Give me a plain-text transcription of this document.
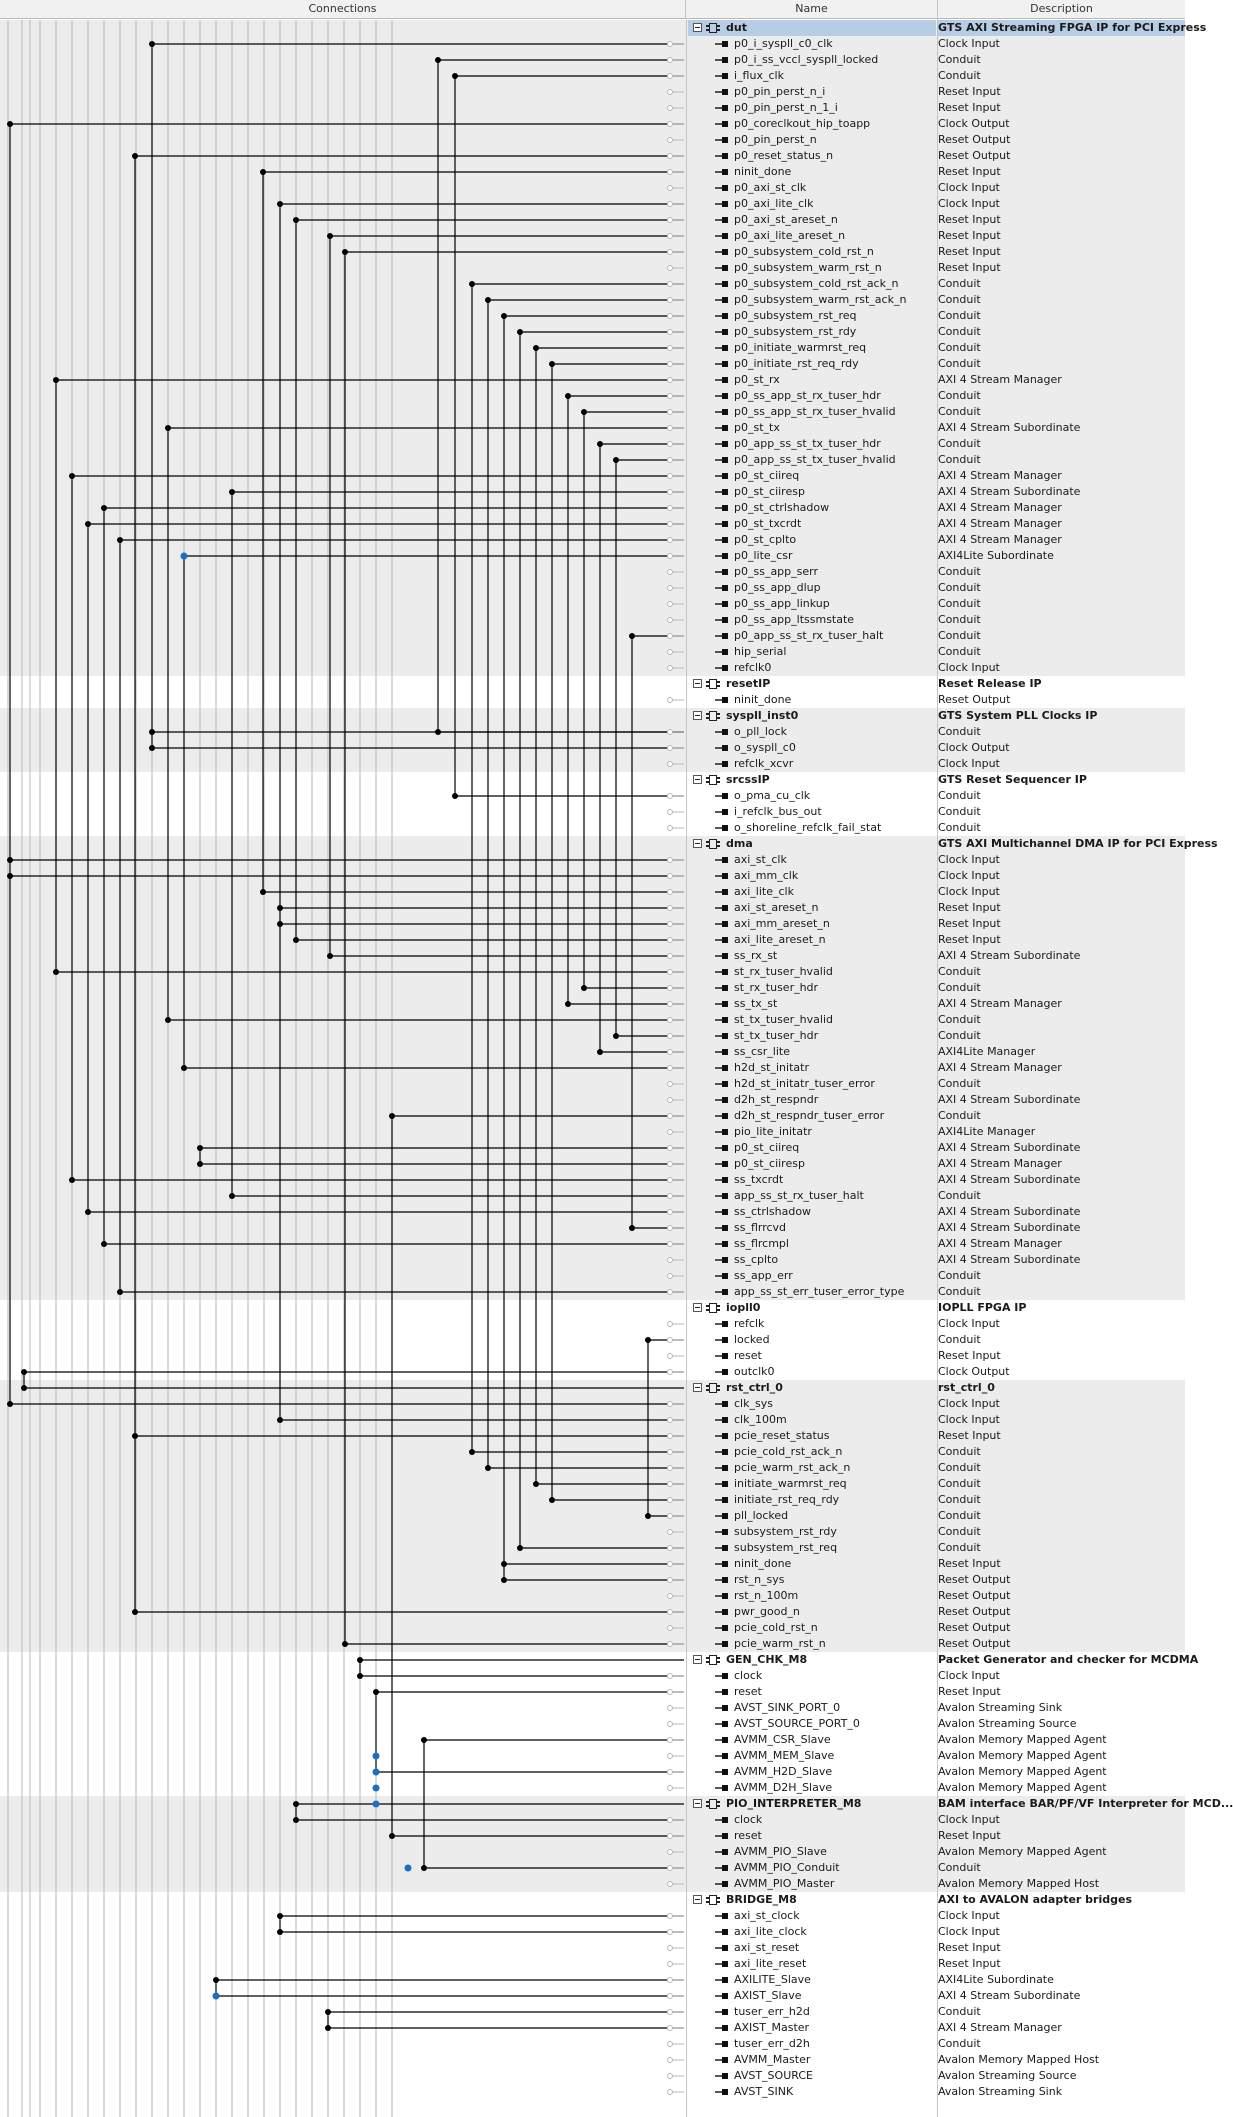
Connections	Name	Description
dut	GTS AXI Streaming FPGA IP for PCI Express
p0_i_syspll_c0_clk	Clock Input
p0_i_ss_vccl_syspll_locked	Conduit
i_flux_clk	Conduit
p0_pin_perst_n_i	Reset Input
p0_pin_perst_n_1_i	Reset Input
p0_coreclkout_hip_toapp	Clock Output
p0_pin_perst_n	Reset Output
p0_reset_status_n	Reset Output
ninit_done	Reset Input
p0_axi_st_clk	Clock Input
p0_axi_lite_clk	Clock Input
p0_axi_st_areset_n	Reset Input
p0_axi_lite_areset_n	Reset Input
p0_subsystem_cold_rst_n	Reset Input
p0_subsystem_warm_rst_n	Reset Input
p0_subsystem_cold_rst_ack_n	Conduit
p0_subsystem_warm_rst_ack_n	Conduit
p0_subsystem_rst_req	Conduit
p0_subsystem_rst_rdy	Conduit
p0_initiate_warmrst_req	Conduit
p0_initiate_rst_req_rdy	Conduit
p0_st_rx	AXI 4 Stream Manager
p0_ss_app_st_rx_tuser_hdr	Conduit
p0_ss_app_st_rx_tuser_hvalid	Conduit
p0_st_tx	AXI 4 Stream Subordinate
p0_app_ss_st_tx_tuser_hdr	Conduit
p0_app_ss_st_tx_tuser_hvalid	Conduit
p0_st_ciireq	AXI 4 Stream Manager
p0_st_ciiresp	AXI 4 Stream Subordinate
p0_st_ctrlshadow	AXI 4 Stream Manager
p0_st_txcrdt	AXI 4 Stream Manager
p0_st_cplto	AXI 4 Stream Manager
p0_lite_csr	AXI4Lite Subordinate
p0_ss_app_serr	Conduit
p0_ss_app_dlup	Conduit
p0_ss_app_linkup	Conduit
p0_ss_app_ltssmstate	Conduit
p0_app_ss_st_rx_tuser_halt	Conduit
hip_serial	Conduit
refclk0	Clock Input
resetIP	Reset Release IP
ninit_done	Reset Output
syspll_inst0	GTS System PLL Clocks IP
o_pll_lock	Conduit
o_syspll_c0	Clock Output
refclk_xcvr	Clock Input
srcssIP	GTS Reset Sequencer IP
o_pma_cu_clk	Conduit
i_refclk_bus_out	Conduit
o_shoreline_refclk_fail_stat	Conduit
dma	GTS AXI Multichannel DMA IP for PCI Express
axi_st_clk	Clock Input
axi_mm_clk	Clock Input
axi_lite_clk	Clock Input
axi_st_areset_n	Reset Input
axi_mm_areset_n	Reset Input
axi_lite_areset_n	Reset Input
ss_rx_st	AXI 4 Stream Subordinate
st_rx_tuser_hvalid	Conduit
st_rx_tuser_hdr	Conduit
ss_tx_st	AXI 4 Stream Manager
st_tx_tuser_hvalid	Conduit
st_tx_tuser_hdr	Conduit
ss_csr_lite	AXI4Lite Manager
h2d_st_initatr	AXI 4 Stream Manager
h2d_st_initatr_tuser_error	Conduit
d2h_st_respndr	AXI 4 Stream Subordinate
d2h_st_respndr_tuser_error	Conduit
pio_lite_initatr	AXI4Lite Manager
p0_st_ciireq	AXI 4 Stream Subordinate
p0_st_ciiresp	AXI 4 Stream Manager
ss_txcrdt	AXI 4 Stream Subordinate
app_ss_st_rx_tuser_halt	Conduit
ss_ctrlshadow	AXI 4 Stream Subordinate
ss_flrrcvd	AXI 4 Stream Subordinate
ss_flrcmpl	AXI 4 Stream Manager
ss_cplto	AXI 4 Stream Subordinate
ss_app_err	Conduit
app_ss_st_err_tuser_error_type	Conduit
iopll0	IOPLL FPGA IP
refclk	Clock Input
locked	Conduit
reset	Reset Input
outclk0	Clock Output
rst_ctrl_0	rst_ctrl_0
clk_sys	Clock Input
clk_100m	Clock Input
pcie_reset_status	Reset Input
pcie_cold_rst_ack_n	Conduit
pcie_warm_rst_ack_n	Conduit
initiate_warmrst_req	Conduit
initiate_rst_req_rdy	Conduit
pll_locked	Conduit
subsystem_rst_rdy	Conduit
subsystem_rst_req	Conduit
ninit_done	Reset Input
rst_n_sys	Reset Output
rst_n_100m	Reset Output
pwr_good_n	Reset Output
pcie_cold_rst_n	Reset Output
pcie_warm_rst_n	Reset Output
GEN_CHK_M8	Packet Generator and checker for MCDMA
clock	Clock Input
reset	Reset Input
AVST_SINK_PORT_0	Avalon Streaming Sink
AVST_SOURCE_PORT_0	Avalon Streaming Source
AVMM_CSR_Slave	Avalon Memory Mapped Agent
AVMM_MEM_Slave	Avalon Memory Mapped Agent
AVMM_H2D_Slave	Avalon Memory Mapped Agent
AVMM_D2H_Slave	Avalon Memory Mapped Agent
PIO_INTERPRETER_M8	BAM interface BAR/PF/VF Interpreter for MCD...
clock	Clock Input
reset	Reset Input
AVMM_PIO_Slave	Avalon Memory Mapped Agent
AVMM_PIO_Conduit	Conduit
AVMM_PIO_Master	Avalon Memory Mapped Host
BRIDGE_M8	AXI to AVALON adapter bridges
axi_st_clock	Clock Input
axi_lite_clock	Clock Input
axi_st_reset	Reset Input
axi_lite_reset	Reset Input
AXILITE_Slave	AXI4Lite Subordinate
AXIST_Slave	AXI 4 Stream Subordinate
tuser_err_h2d	Conduit
AXIST_Master	AXI 4 Stream Manager
tuser_err_d2h	Conduit
AVMM_Master	Avalon Memory Mapped Host
AVST_SOURCE	Avalon Streaming Source
AVST_SINK	Avalon Streaming Sink
